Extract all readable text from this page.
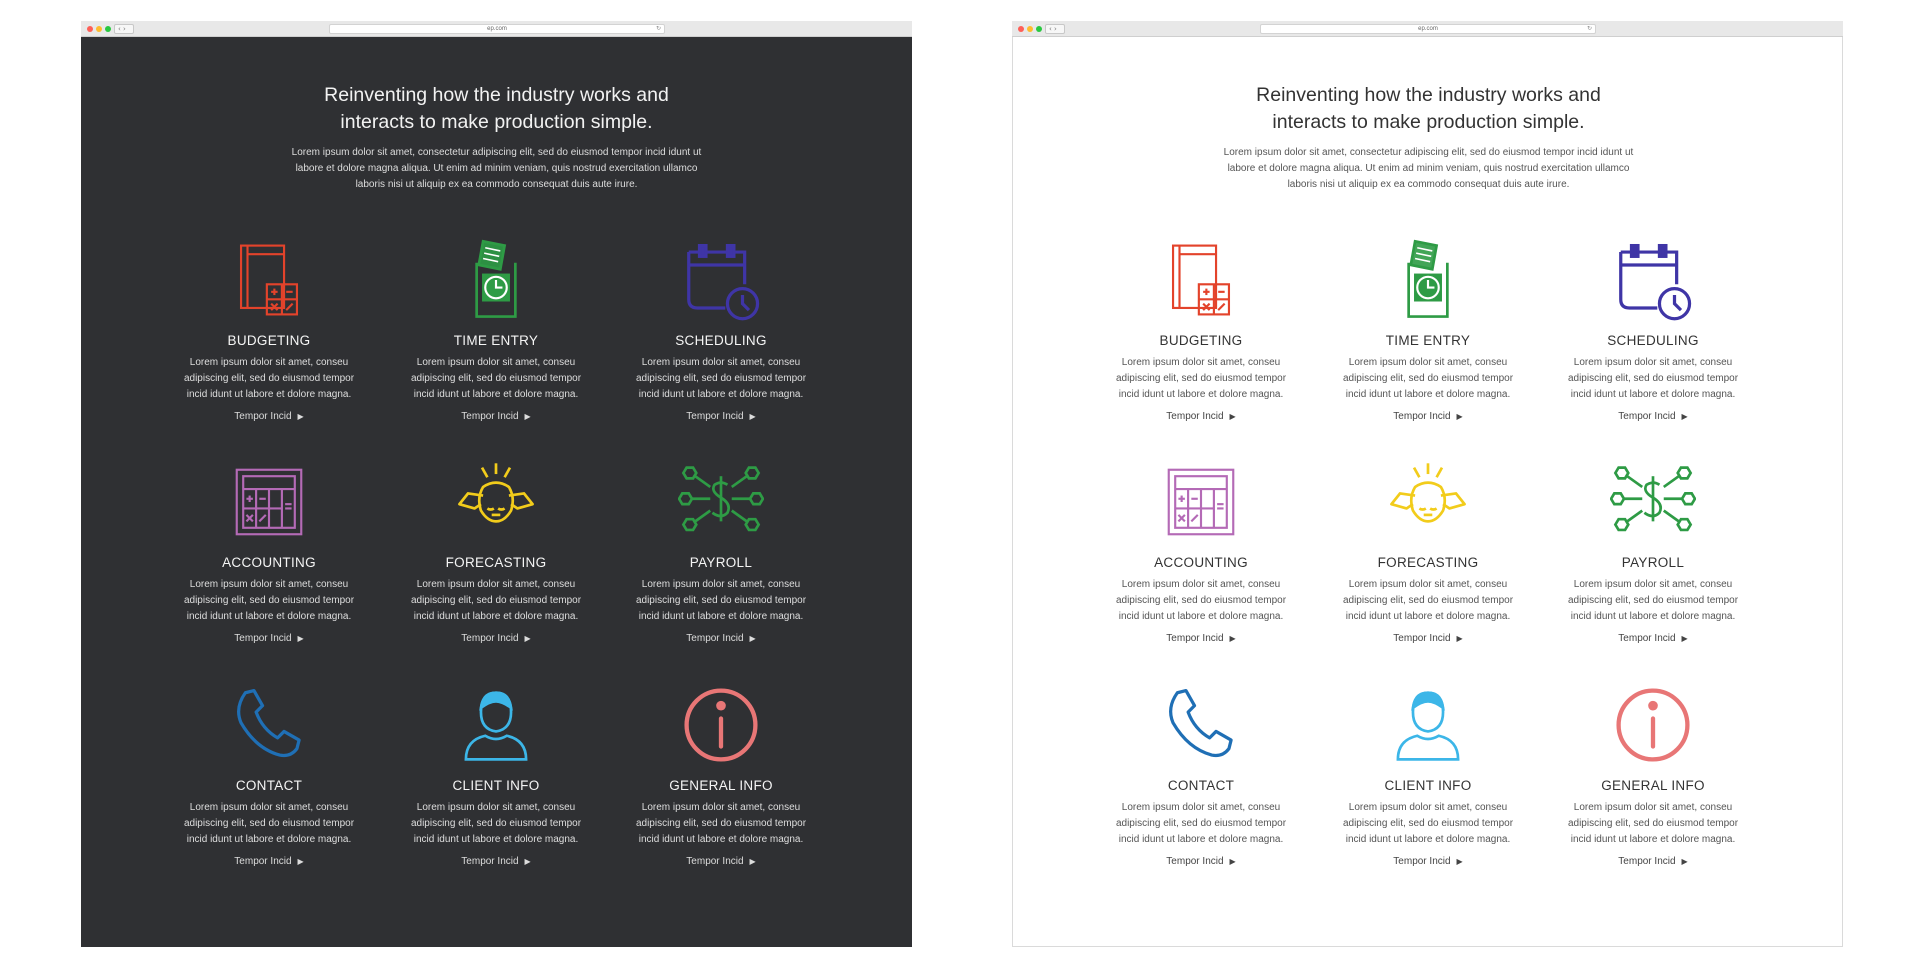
‹ ›	ep.com	↻
Reinventing how the industry works and
interacts to make production simple.

Lorem ipsum dolor sit amet, consectetur adipiscing elit, sed do eiusmod tempor incid idunt ut labore et dolore magna aliqua. Ut enim ad minim veniam, quis nostrud exercitation ullamco laboris nisi ut aliquip ex ea commodo consequat duis aute irure.

BUDGETING
Lorem ipsum dolor sit amet, conseu adipiscing elit, sed do eiusmod tempor incid idunt ut labore et dolore magna.
Tempor Incid ▶
TIME ENTRY
Lorem ipsum dolor sit amet, conseu adipiscing elit, sed do eiusmod tempor incid idunt ut labore et dolore magna.
Tempor Incid ▶
SCHEDULING
Lorem ipsum dolor sit amet, conseu adipiscing elit, sed do eiusmod tempor incid idunt ut labore et dolore magna.
Tempor Incid ▶
ACCOUNTING
Lorem ipsum dolor sit amet, conseu adipiscing elit, sed do eiusmod tempor incid idunt ut labore et dolore magna.
Tempor Incid ▶
FORECASTING
Lorem ipsum dolor sit amet, conseu adipiscing elit, sed do eiusmod tempor incid idunt ut labore et dolore magna.
Tempor Incid ▶
PAYROLL
Lorem ipsum dolor sit amet, conseu adipiscing elit, sed do eiusmod tempor incid idunt ut labore et dolore magna.
Tempor Incid ▶
CONTACT
Lorem ipsum dolor sit amet, conseu adipiscing elit, sed do eiusmod tempor incid idunt ut labore et dolore magna.
Tempor Incid ▶
CLIENT INFO
Lorem ipsum dolor sit amet, conseu adipiscing elit, sed do eiusmod tempor incid idunt ut labore et dolore magna.
Tempor Incid ▶
GENERAL INFO
Lorem ipsum dolor sit amet, conseu adipiscing elit, sed do eiusmod tempor incid idunt ut labore et dolore magna.
Tempor Incid ▶
‹ ›	ep.com	↻
Reinventing how the industry works and
interacts to make production simple.

Lorem ipsum dolor sit amet, consectetur adipiscing elit, sed do eiusmod tempor incid idunt ut labore et dolore magna aliqua. Ut enim ad minim veniam, quis nostrud exercitation ullamco laboris nisi ut aliquip ex ea commodo consequat duis aute irure.

BUDGETING
Lorem ipsum dolor sit amet, conseu adipiscing elit, sed do eiusmod tempor incid idunt ut labore et dolore magna.
Tempor Incid ▶
TIME ENTRY
Lorem ipsum dolor sit amet, conseu adipiscing elit, sed do eiusmod tempor incid idunt ut labore et dolore magna.
Tempor Incid ▶
SCHEDULING
Lorem ipsum dolor sit amet, conseu adipiscing elit, sed do eiusmod tempor incid idunt ut labore et dolore magna.
Tempor Incid ▶
ACCOUNTING
Lorem ipsum dolor sit amet, conseu adipiscing elit, sed do eiusmod tempor incid idunt ut labore et dolore magna.
Tempor Incid ▶
FORECASTING
Lorem ipsum dolor sit amet, conseu adipiscing elit, sed do eiusmod tempor incid idunt ut labore et dolore magna.
Tempor Incid ▶
PAYROLL
Lorem ipsum dolor sit amet, conseu adipiscing elit, sed do eiusmod tempor incid idunt ut labore et dolore magna.
Tempor Incid ▶
CONTACT
Lorem ipsum dolor sit amet, conseu adipiscing elit, sed do eiusmod tempor incid idunt ut labore et dolore magna.
Tempor Incid ▶
CLIENT INFO
Lorem ipsum dolor sit amet, conseu adipiscing elit, sed do eiusmod tempor incid idunt ut labore et dolore magna.
Tempor Incid ▶
GENERAL INFO
Lorem ipsum dolor sit amet, conseu adipiscing elit, sed do eiusmod tempor incid idunt ut labore et dolore magna.
Tempor Incid ▶
